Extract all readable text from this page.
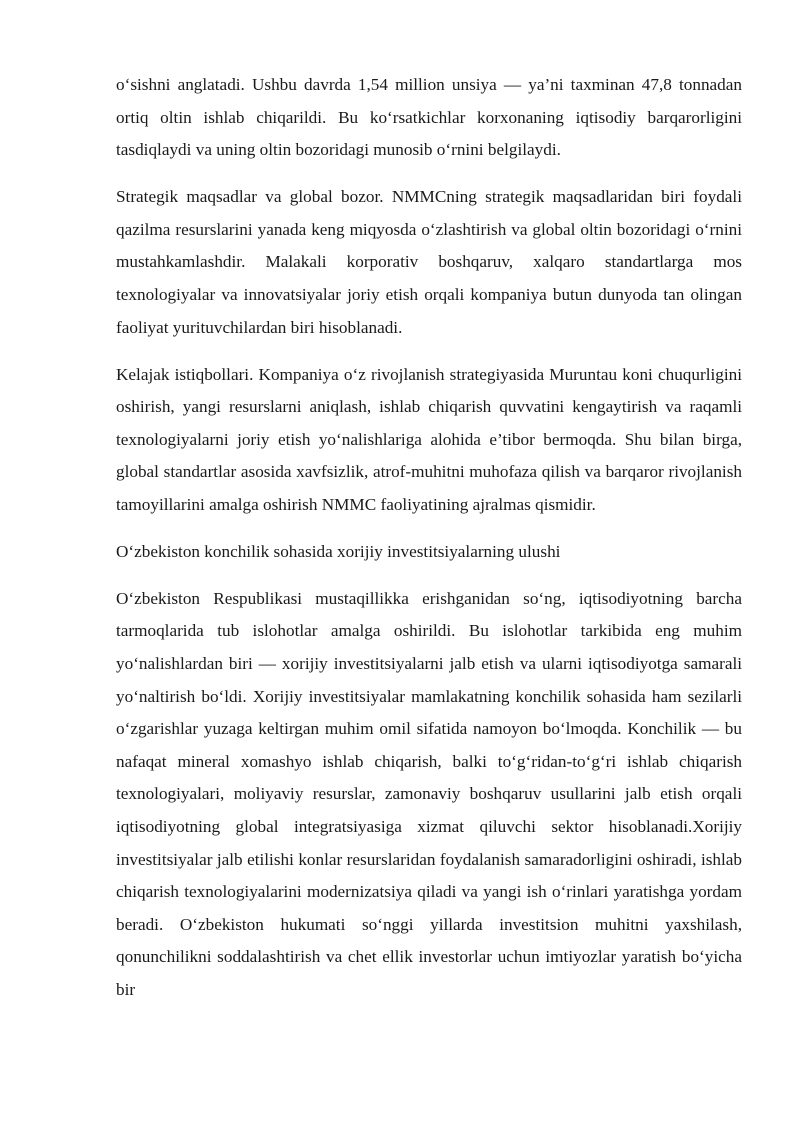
o‘sishni anglatadi. Ushbu davrda 1,54 million unsiya — ya’ni taxminan 47,8 tonnadan ortiq oltin ishlab chiqarildi. Bu ko‘rsatkichlar korxonaning iqtisodiy barqarorligini tasdiqlaydi va uning oltin bozoridagi munosib o‘rnini belgilaydi.

Strategik maqsadlar va global bozor. NMMCning strategik maqsadlaridan biri foydali qazilma resurslarini yanada keng miqyosda o‘zlashtirish va global oltin bozoridagi o‘rnini mustahkamlashdir. Malakali korporativ boshqaruv, xalqaro standartlarga mos texnologiyalar va innovatsiyalar joriy etish orqali kompaniya butun dunyoda tan olingan faoliyat yurituvchilardan biri hisoblanadi.

Kelajak istiqbollari. Kompaniya o‘z rivojlanish strategiyasida Muruntau koni chuqurligini oshirish, yangi resurslarni aniqlash, ishlab chiqarish quvvatini kengaytirish va raqamli texnologiyalarni joriy etish yo‘nalishlariga alohida e’tibor bermoqda. Shu bilan birga, global standartlar asosida xavfsizlik, atrof-muhitni muhofaza qilish va barqaror rivojlanish tamoyillarini amalga oshirish NMMC faoliyatining ajralmas qismidir.

O‘zbekiston konchilik sohasida xorijiy investitsiyalarning ulushi

O‘zbekiston Respublikasi mustaqillikka erishganidan so‘ng, iqtisodiyotning barcha tarmoqlarida tub islohotlar amalga oshirildi. Bu islohotlar tarkibida eng muhim yo‘nalishlardan biri — xorijiy investitsiyalarni jalb etish va ularni iqtisodiyotga samarali yo‘naltirish bo‘ldi. Xorijiy investitsiyalar mamlakatning konchilik sohasida ham sezilarli o‘zgarishlar yuzaga keltirgan muhim omil sifatida namoyon bo‘lmoqda. Konchilik — bu nafaqat mineral xomashyo ishlab chiqarish, balki to‘g‘ridan-to‘g‘ri ishlab chiqarish texnologiyalari, moliyaviy resurslar, zamonaviy boshqaruv usullarini jalb etish orqali iqtisodiyotning global integratsiyasiga xizmat qiluvchi sektor hisoblanadi.Xorijiy investitsiyalar jalb etilishi konlar resurslaridan foydalanish samaradorligini oshiradi, ishlab chiqarish texnologiyalarini modernizatsiya qiladi va yangi ish o‘rinlari yaratishga yordam beradi. O‘zbekiston hukumati so‘nggi yillarda investitsion muhitni yaxshilash, qonunchilikni soddalashtirish va chet ellik investorlar uchun imtiyozlar yaratish bo‘yicha bir
